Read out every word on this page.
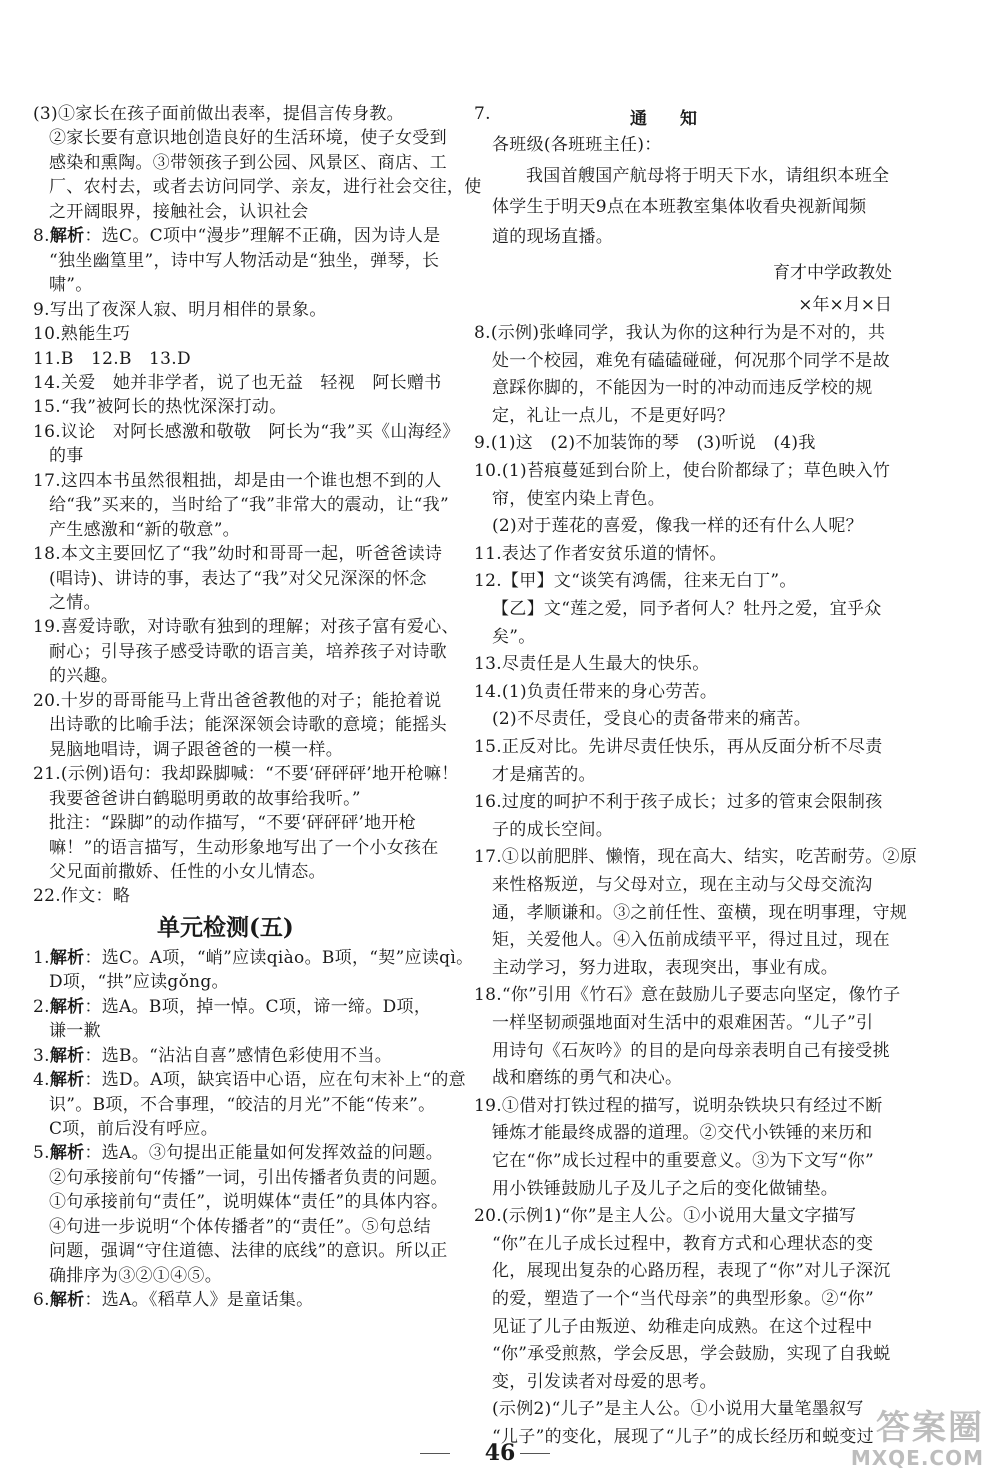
(3)①家长在孩子面前做出表率，提倡言传身教。
②家长要有意识地创造良好的生活环境，使子女受到
感染和熏陶。③带领孩子到公园、风景区、商店、工
厂、农村去，或者去访问同学、亲友，进行社会交往，使
之开阔眼界，接触社会，认识社会
8.解析：选C。C项中“漫步”理解不正确，因为诗人是
“独坐幽篁里”，诗中写人物活动是“独坐，弹琴，长
啸”。
9.写出了夜深人寂、明月相伴的景象。
10.熟能生巧
11.B　12.B　13.D
14.关爱　她并非学者，说了也无益　轻视　阿长赠书
15.“我”被阿长的热忱深深打动。
16.议论　对阿长感激和敬敬　阿长为“我”买《山海经》
的事
17.这四本书虽然很粗拙，却是由一个谁也想不到的人
给“我”买来的，当时给了“我”非常大的震动，让“我”
产生感激和“新的敬意”。
18.本文主要回忆了“我”幼时和哥哥一起，听爸爸读诗
(唱诗)、讲诗的事，表达了“我”对父兄深深的怀念
之情。
19.喜爱诗歌，对诗歌有独到的理解；对孩子富有爱心、
耐心；引导孩子感受诗歌的语言美，培养孩子对诗歌
的兴趣。
20.十岁的哥哥能马上背出爸爸教他的对子；能抢着说
出诗歌的比喻手法；能深深领会诗歌的意境；能摇头
晃脑地唱诗，调子跟爸爸的一模一样。
21.(示例)语句：我却跺脚喊：“不要‘砰砰砰’地开枪嘛！
我要爸爸讲白鹤聪明勇敢的故事给我听。”
批注：“跺脚”的动作描写，“不要‘砰砰砰’地开枪
嘛！”的语言描写，生动形象地写出了一个小女孩在
父兄面前撒娇、任性的小女儿情态。
22.作文：略
单元检测(五)
1.解析：选C。A项，“峭”应读qiào。B项，“契”应读qì。
D项，“拱”应读gǒng。
2.解析：选A。B项，掉一悼。C项，谛一缔。D项，
谦一歉
3.解析：选B。“沾沾自喜”感情色彩使用不当。
4.解析：选D。A项，缺宾语中心语，应在句末补上“的意
识”。B项，不合事理，“皎洁的月光”不能“传来”。
C项，前后没有呼应。
5.解析：选A。③句提出正能量如何发挥效益的问题。
②句承接前句“传播”一词，引出传播者负责的问题。
①句承接前句“责任”，说明媒体“责任”的具体内容。
④句进一步说明“个体传播者”的“责任”。⑤句总结
问题，强调“守住道德、法律的底线”的意识。所以正
确排序为③②①④⑤。
6.解析：选A。《稻草人》是童话集。
7.	通　知
各班级(各班班主任)：
我国首艘国产航母将于明天下水，请组织本班全
体学生于明天9点在本班教室集体收看央视新闻频
道的现场直播。
育才中学政教处
×年×月×日
8.(示例)张峰同学，我认为你的这种行为是不对的，共
处一个校园，难免有磕磕碰碰，何况那个同学不是故
意踩你脚的，不能因为一时的冲动而违反学校的规
定，礼让一点儿，不是更好吗？
9.(1)这　(2)不加装饰的琴　(3)听说　(4)我
10.(1)苔痕蔓延到台阶上，使台阶都绿了；草色映入竹
帘，使室内染上青色。
(2)对于莲花的喜爱，像我一样的还有什么人呢？
11.表达了作者安贫乐道的情怀。
12.【甲】文“谈笑有鸿儒，往来无白丁”。
【乙】文“莲之爱，同予者何人？牡丹之爱，宜乎众
矣”。
13.尽责任是人生最大的快乐。
14.(1)负责任带来的身心劳苦。
(2)不尽责任，受良心的责备带来的痛苦。
15.正反对比。先讲尽责任快乐，再从反面分析不尽责
才是痛苦的。
16.过度的呵护不利于孩子成长；过多的管束会限制孩
子的成长空间。
17.①以前肥胖、懒惰，现在高大、结实，吃苦耐劳。②原
来性格叛逆，与父母对立，现在主动与父母交流沟
通，孝顺谦和。③之前任性、蛮横，现在明事理，守规
矩，关爱他人。④入伍前成绩平平，得过且过，现在
主动学习，努力进取，表现突出，事业有成。
18.“你”引用《竹石》意在鼓励儿子要志向坚定，像竹子
一样坚韧顽强地面对生活中的艰难困苦。“儿子”引
用诗句《石灰吟》的目的是向母亲表明自己有接受挑
战和磨练的勇气和决心。
19.①借对打铁过程的描写，说明杂铁块只有经过不断
锤炼才能最终成器的道理。②交代小铁锤的来历和
它在“你”成长过程中的重要意义。③为下文写“你”
用小铁锤鼓励儿子及儿子之后的变化做铺垫。
20.(示例1)“你”是主人公。①小说用大量文字描写
“你”在儿子成长过程中，教育方式和心理状态的变
化，展现出复杂的心路历程，表现了“你”对儿子深沉
的爱，塑造了一个“当代母亲”的典型形象。②“你”
见证了儿子由叛逆、幼稚走向成熟。在这个过程中
“你”承受煎熬，学会反思，学会鼓励，实现了自我蜕
变，引发读者对母爱的思考。
(示例2)“儿子”是主人公。①小说用大量笔墨叙写
“儿子”的变化，展现了“儿子”的成长经历和蜕变过
46
答案圈
MXQE.COM
